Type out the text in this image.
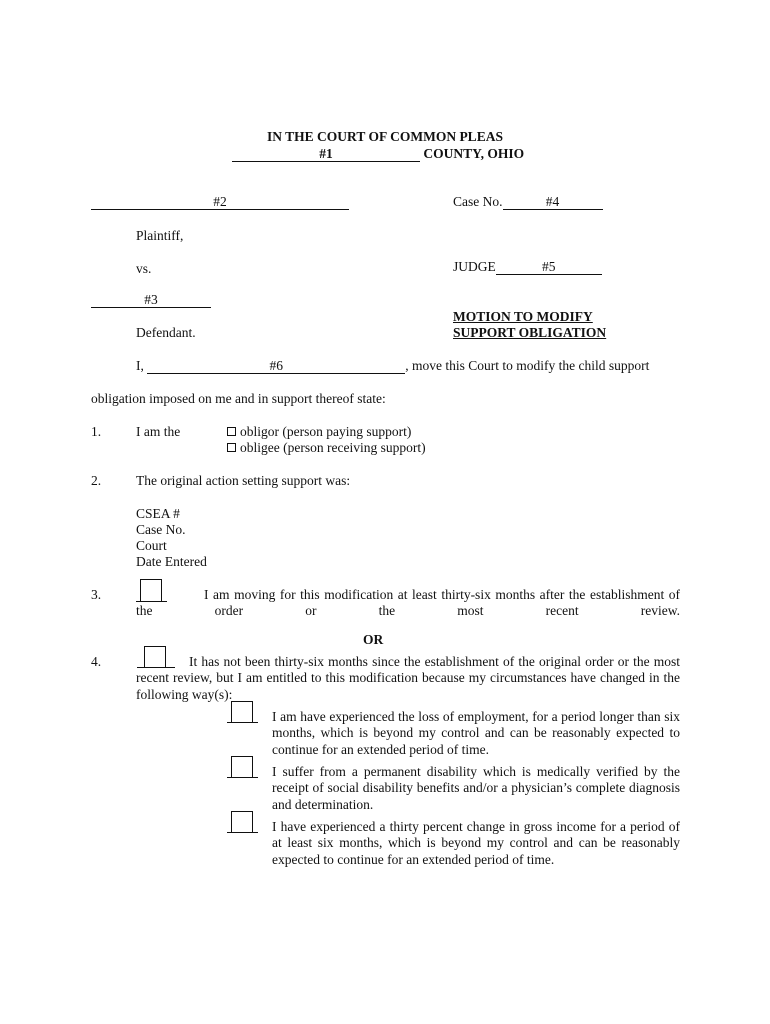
IN THE COURT OF COMMON PLEAS
#1	COUNTY, OHIO
#2
Plaintiff,
vs.
#3
Defendant.
Case No.	#4
JUDGE	#5
MOTION TO MODIFY
SUPPORT OBLIGATION
I,	#6	, move this Court to modify the child support
obligation imposed on me and in support thereof state:
1.	I am the	obligor (person paying support)
obligee (person receiving support)
2.	The original action setting support was:
CSEA #
Case No.
Court
Date Entered
3.	I am moving for this modification at least thirty-six months after the establishment of the order or the most recent review.
OR
4.	It has not been thirty-six months since the establishment of the original order or the most recent review, but I am entitled to this modification because my circumstances have changed in the following way(s):
I am have experienced the loss of employment, for a period longer than six months, which is beyond my control and can be reasonably expected to continue for an extended period of time.
I suffer from a permanent disability which is medically verified by the receipt of social disability benefits and/or a physician’s complete diagnosis and determination.
I have experienced a thirty percent change in gross income for a period of at least six months, which is beyond my control and can be reasonably expected to continue for an extended period of time.
